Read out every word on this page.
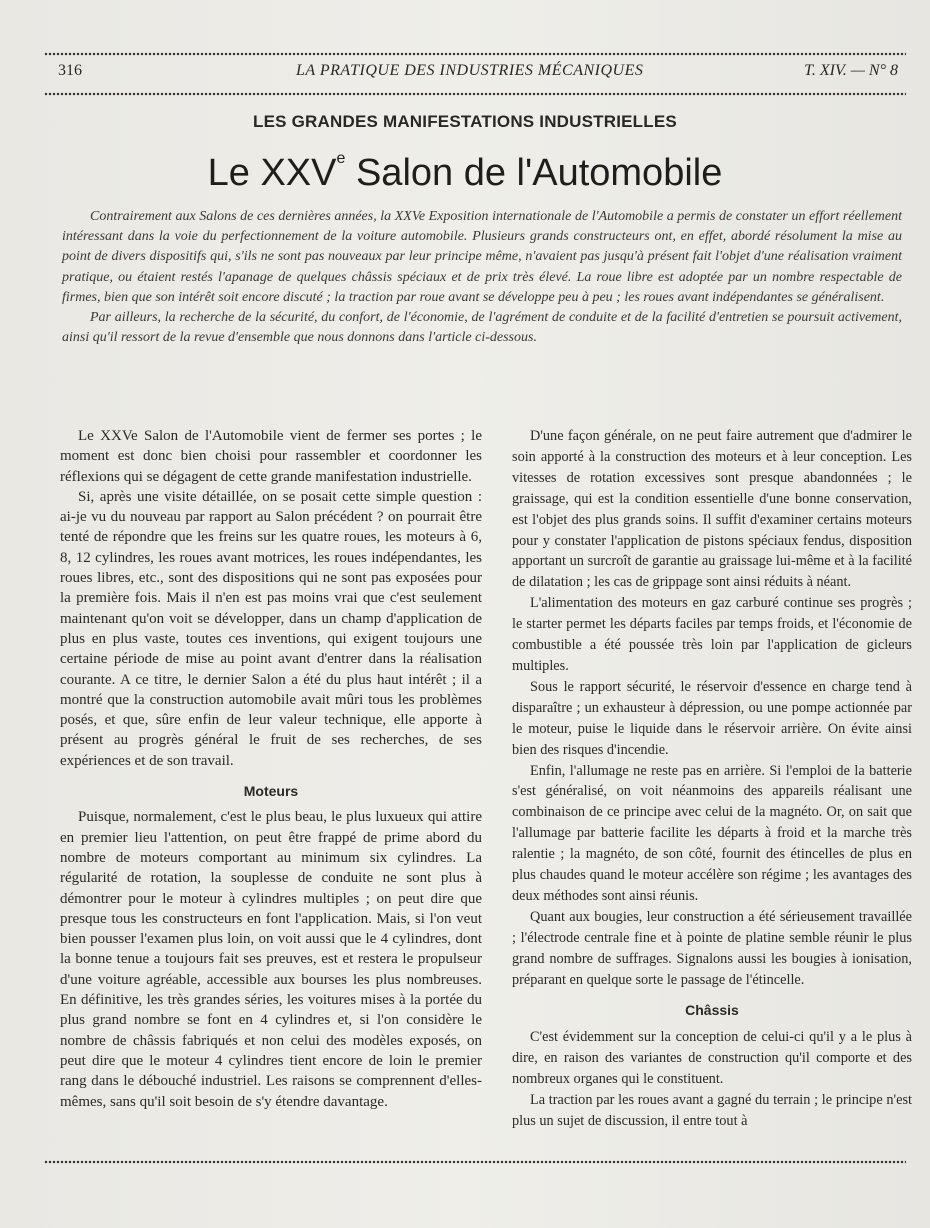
316	LA PRATIQUE DES INDUSTRIES MÉCANIQUES	T. XIV. — N° 8
LES GRANDES MANIFESTATIONS INDUSTRIELLES
Le XXVe Salon de l'Automobile

Contrairement aux Salons de ces dernières années, la XXVe Exposition internationale de l'Automobile a permis de constater un effort réellement intéressant dans la voie du perfectionnement de la voiture automobile. Plusieurs grands constructeurs ont, en effet, abordé résolument la mise au point de divers dispositifs qui, s'ils ne sont pas nouveaux par leur principe même, n'avaient pas jusqu'à présent fait l'objet d'une réalisation vraiment pratique, ou étaient restés l'apanage de quelques châssis spéciaux et de prix très élevé. La roue libre est adoptée par un nombre respectable de firmes, bien que son intérêt soit encore discuté ; la traction par roue avant se développe peu à peu ; les roues avant indépendantes se généralisent.

Par ailleurs, la recherche de la sécurité, du confort, de l'économie, de l'agrément de conduite et de la facilité d'entretien se poursuit activement, ainsi qu'il ressort de la revue d'ensemble que nous donnons dans l'article ci-dessous.

Le XXVe Salon de l'Automobile vient de fermer ses portes ; le moment est donc bien choisi pour rassembler et coordonner les réflexions qui se dégagent de cette grande manifestation industrielle.

Si, après une visite détaillée, on se posait cette simple question : ai-je vu du nouveau par rapport au Salon précédent ? on pourrait être tenté de répondre que les freins sur les quatre roues, les moteurs à 6, 8, 12 cylindres, les roues avant motrices, les roues indépendantes, les roues libres, etc., sont des dispositions qui ne sont pas exposées pour la première fois. Mais il n'en est pas moins vrai que c'est seulement maintenant qu'on voit se développer, dans un champ d'application de plus en plus vaste, toutes ces inventions, qui exigent toujours une certaine période de mise au point avant d'entrer dans la réalisation courante. A ce titre, le dernier Salon a été du plus haut intérêt ; il a montré que la construction automobile avait mûri tous les problèmes posés, et que, sûre enfin de leur valeur technique, elle apporte à présent au progrès général le fruit de ses recherches, de ses expériences et de son travail.

Moteurs

Puisque, normalement, c'est le plus beau, le plus luxueux qui attire en premier lieu l'attention, on peut être frappé de prime abord du nombre de moteurs comportant au minimum six cylindres. La régularité de rotation, la souplesse de conduite ne sont plus à démontrer pour le moteur à cylindres multiples ; on peut dire que presque tous les constructeurs en font l'application. Mais, si l'on veut bien pousser l'examen plus loin, on voit aussi que le 4 cylindres, dont la bonne tenue a toujours fait ses preuves, est et restera le propulseur d'une voiture agréable, accessible aux bourses les plus nombreuses. En définitive, les très grandes séries, les voitures mises à la portée du plus grand nombre se font en 4 cylindres et, si l'on considère le nombre de châssis fabriqués et non celui des modèles exposés, on peut dire que le moteur 4 cylindres tient encore de loin le premier rang dans le débouché industriel. Les raisons se comprennent d'elles-mêmes, sans qu'il soit besoin de s'y étendre davantage.

D'une façon générale, on ne peut faire autrement que d'admirer le soin apporté à la construction des moteurs et à leur conception. Les vitesses de rotation excessives sont presque abandonnées ; le graissage, qui est la condition essentielle d'une bonne conservation, est l'objet des plus grands soins. Il suffit d'examiner certains moteurs pour y constater l'application de pistons spéciaux fendus, disposition apportant un surcroît de garantie au graissage lui-même et à la facilité de dilatation ; les cas de grippage sont ainsi réduits à néant.

L'alimentation des moteurs en gaz carburé continue ses progrès ; le starter permet les départs faciles par temps froids, et l'économie de combustible a été poussée très loin par l'application de gicleurs multiples.

Sous le rapport sécurité, le réservoir d'essence en charge tend à disparaître ; un exhausteur à dépression, ou une pompe actionnée par le moteur, puise le liquide dans le réservoir arrière. On évite ainsi bien des risques d'incendie.

Enfin, l'allumage ne reste pas en arrière. Si l'emploi de la batterie s'est généralisé, on voit néanmoins des appareils réalisant une combinaison de ce principe avec celui de la magnéto. Or, on sait que l'allumage par batterie facilite les départs à froid et la marche très ralentie ; la magnéto, de son côté, fournit des étincelles de plus en plus chaudes quand le moteur accélère son régime ; les avantages des deux méthodes sont ainsi réunis.

Quant aux bougies, leur construction a été sérieusement travaillée ; l'électrode centrale fine et à pointe de platine semble réunir le plus grand nombre de suffrages. Signalons aussi les bougies à ionisation, préparant en quelque sorte le passage de l'étincelle.

Châssis

C'est évidemment sur la conception de celui-ci qu'il y a le plus à dire, en raison des variantes de construction qu'il comporte et des nombreux organes qui le constituent.

La traction par les roues avant a gagné du terrain ; le principe n'est plus un sujet de discussion, il entre tout à
